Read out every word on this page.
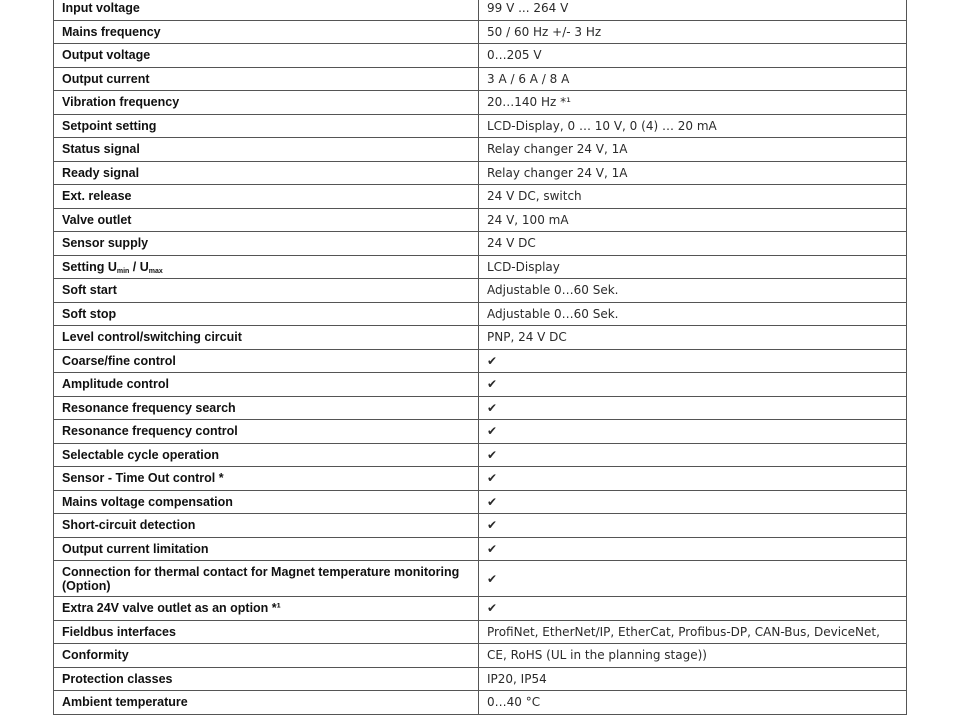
Input voltage	99 V ... 264 V
Mains frequency	50 / 60 Hz +/- 3 Hz
Output voltage	0…205 V
Output current	3 A / 6 A / 8 A
Vibration frequency	20…140 Hz *¹
Setpoint setting	LCD-Display, 0 … 10 V, 0 (4) … 20 mA
Status signal	Relay changer 24 V, 1A
Ready signal	Relay changer 24 V, 1A
Ext. release	24 V DC, switch
Valve outlet	24 V, 100 mA
Sensor supply	24 V DC
Setting $U_{min} / U_{max}$	LCD-Display
Soft start	Adjustable 0…60 Sek.
Soft stop	Adjustable 0…60 Sek.
Level control/switching circuit	PNP, 24 V DC
Coarse/fine control	✔
Amplitude control	✔
Resonance frequency search	✔
Resonance frequency control	✔
Selectable cycle operation	✔
Sensor - Time Out control *	✔
Mains voltage compensation	✔
Short-circuit detection	✔
Output current limitation	✔
Connection for thermal contact for Magnet temperature monitoring (Option)	✔
Extra 24V valve outlet as an option *¹	✔
Fieldbus interfaces	ProfiNet, EtherNet/IP, EtherCat, Profibus-DP, CAN-Bus, DeviceNet,
Conformity	CE, RoHS (UL in the planning stage))
Protection classes	IP20, IP54
Ambient temperature	0…40 °C
